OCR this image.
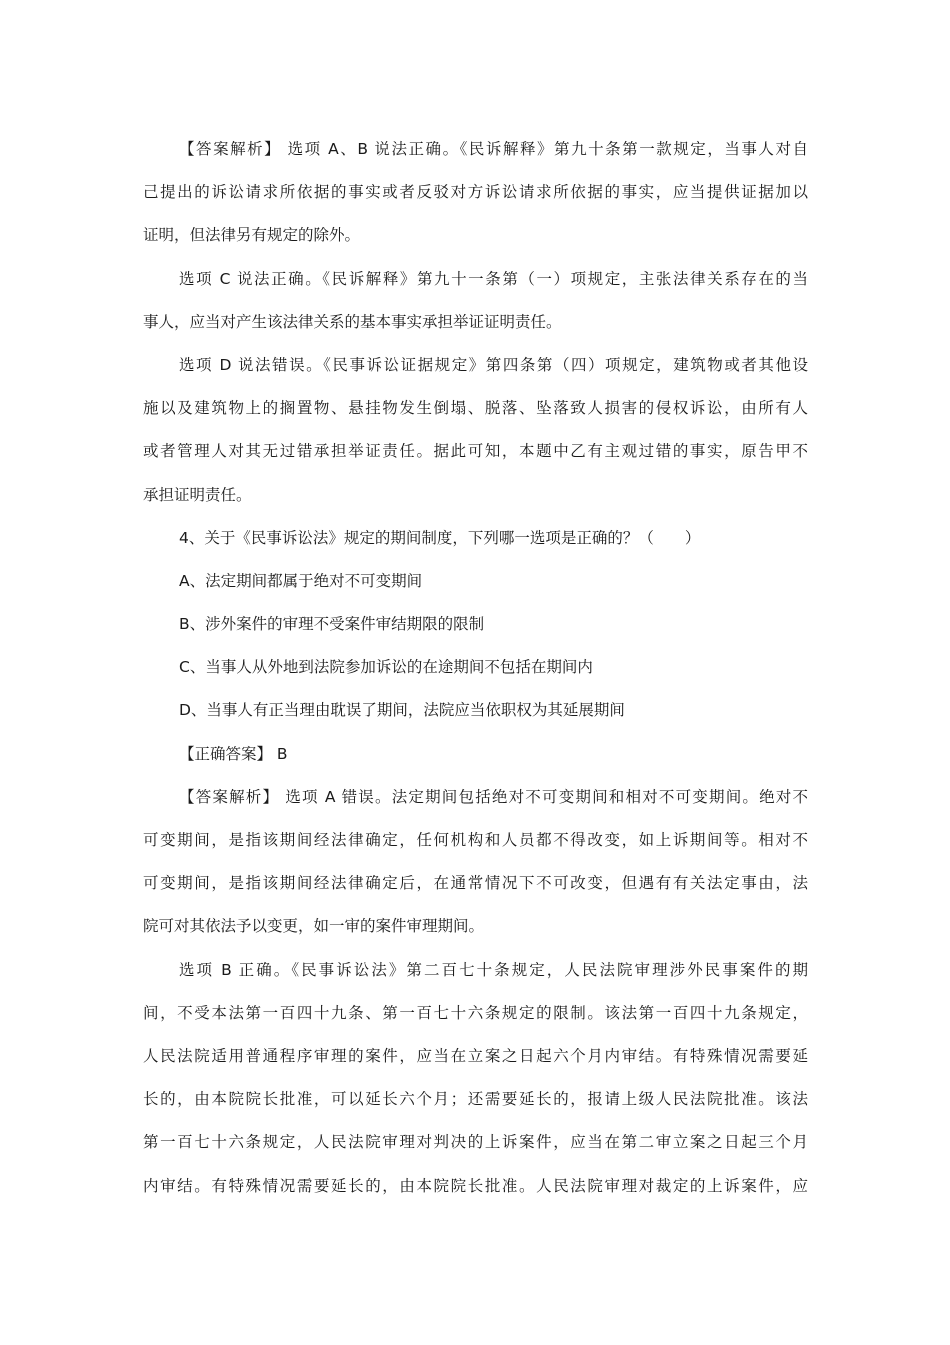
【答案解析】 选项 A、B 说法正确。《民诉解释》第九十条第一款规定，当事人对自
己提出的诉讼请求所依据的事实或者反驳对方诉讼请求所依据的事实，应当提供证据加以
证明，但法律另有规定的除外。
选项 C 说法正确。《民诉解释》第九十一条第（一）项规定，主张法律关系存在的当
事人，应当对产生该法律关系的基本事实承担举证证明责任。
选项 D 说法错误。《民事诉讼证据规定》第四条第（四）项规定，建筑物或者其他设
施以及建筑物上的搁置物、悬挂物发生倒塌、脱落、坠落致人损害的侵权诉讼，由所有人
或者管理人对其无过错承担举证责任。据此可知，本题中乙有主观过错的事实，原告甲不
承担证明责任。
4、关于《民事诉讼法》规定的期间制度，下列哪一选项是正确的？（　　）
A、法定期间都属于绝对不可变期间
B、涉外案件的审理不受案件审结期限的限制
C、当事人从外地到法院参加诉讼的在途期间不包括在期间内
D、当事人有正当理由耽误了期间，法院应当依职权为其延展期间
【正确答案】 B
【答案解析】 选项 A 错误。法定期间包括绝对不可变期间和相对不可变期间。绝对不
可变期间，是指该期间经法律确定，任何机构和人员都不得改变，如上诉期间等。相对不
可变期间，是指该期间经法律确定后，在通常情况下不可改变，但遇有有关法定事由，法
院可对其依法予以变更，如一审的案件审理期间。
选项 B 正确。《民事诉讼法》第二百七十条规定，人民法院审理涉外民事案件的期
间，不受本法第一百四十九条、第一百七十六条规定的限制。该法第一百四十九条规定，
人民法院适用普通程序审理的案件，应当在立案之日起六个月内审结。有特殊情况需要延
长的，由本院院长批准，可以延长六个月；还需要延长的，报请上级人民法院批准。该法
第一百七十六条规定，人民法院审理对判决的上诉案件，应当在第二审立案之日起三个月
内审结。有特殊情况需要延长的，由本院院长批准。人民法院审理对裁定的上诉案件，应
